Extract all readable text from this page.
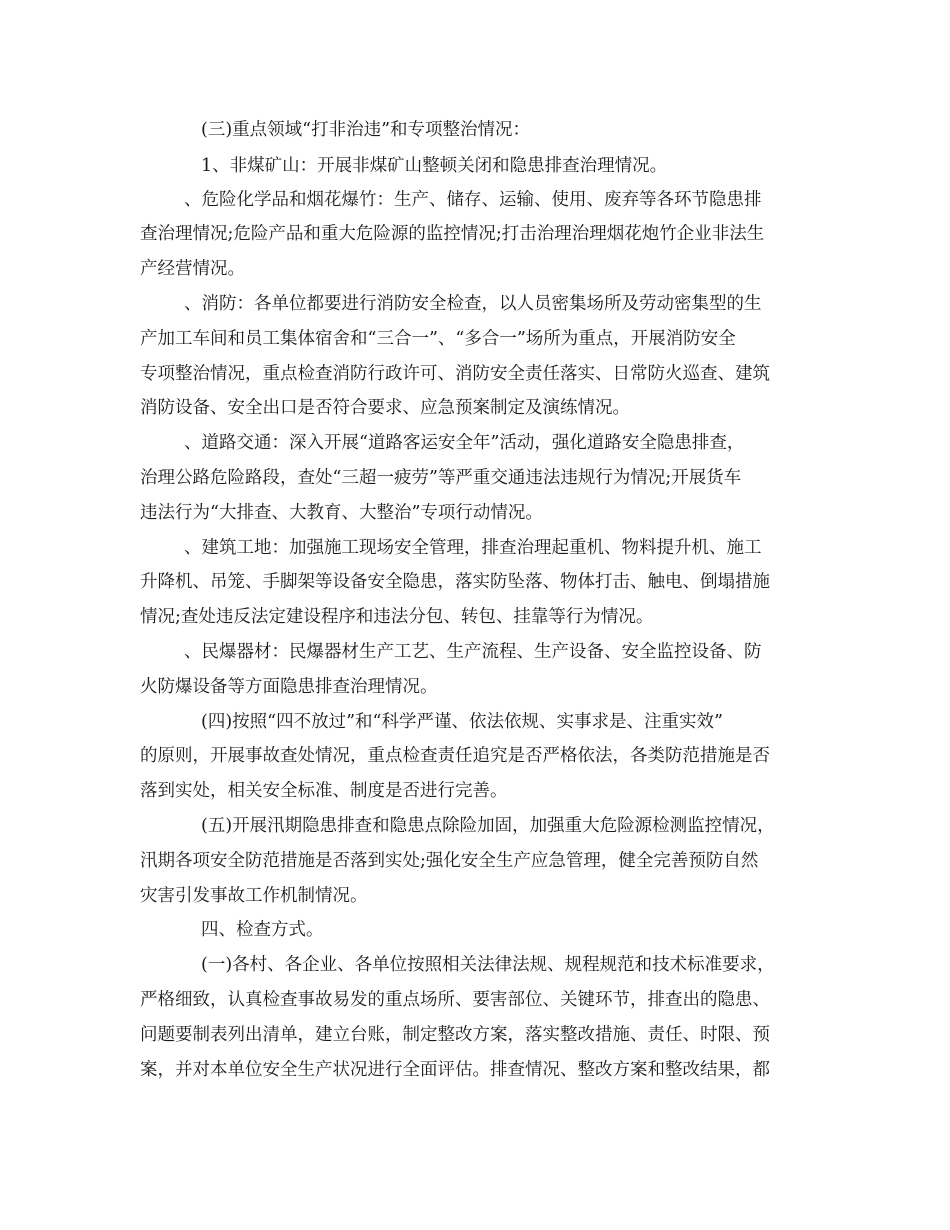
(三)重点领域“打非治违”和专项整治情况：
1、非煤矿山：开展非煤矿山整顿关闭和隐患排查治理情况。
、危险化学品和烟花爆竹：生产、储存、运输、使用、废弃等各环节隐患排
查治理情况;危险产品和重大危险源的监控情况;打击治理治理烟花炮竹企业非法生
产经营情况。
、消防：各单位都要进行消防安全检查，以人员密集场所及劳动密集型的生
产加工车间和员工集体宿舍和“三合一”、“多合一”场所为重点，开展消防安全
专项整治情况，重点检查消防行政许可、消防安全责任落实、日常防火巡查、建筑
消防设备、安全出口是否符合要求、应急预案制定及演练情况。
、道路交通：深入开展“道路客运安全年”活动，强化道路安全隐患排查，
治理公路危险路段，查处“三超一疲劳”等严重交通违法违规行为情况;开展货车
违法行为“大排查、大教育、大整治”专项行动情况。
、建筑工地：加强施工现场安全管理，排查治理起重机、物料提升机、施工
升降机、吊笼、手脚架等设备安全隐患，落实防坠落、物体打击、触电、倒塌措施
情况;查处违反法定建设程序和违法分包、转包、挂靠等行为情况。
、民爆器材：民爆器材生产工艺、生产流程、生产设备、安全监控设备、防
火防爆设备等方面隐患排查治理情况。
(四)按照“四不放过”和“科学严谨、依法依规、实事求是、注重实效”
的原则，开展事故查处情况，重点检查责任追究是否严格依法，各类防范措施是否
落到实处，相关安全标准、制度是否进行完善。
(五)开展汛期隐患排查和隐患点除险加固，加强重大危险源检测监控情况，
汛期各项安全防范措施是否落到实处;强化安全生产应急管理，健全完善预防自然
灾害引发事故工作机制情况。
四、检查方式。
(一)各村、各企业、各单位按照相关法律法规、规程规范和技术标准要求，
严格细致，认真检查事故易发的重点场所、要害部位、关键环节，排查出的隐患、
问题要制表列出清单，建立台账，制定整改方案，落实整改措施、责任、时限、预
案，并对本单位安全生产状况进行全面评估。排查情况、整改方案和整改结果，都
